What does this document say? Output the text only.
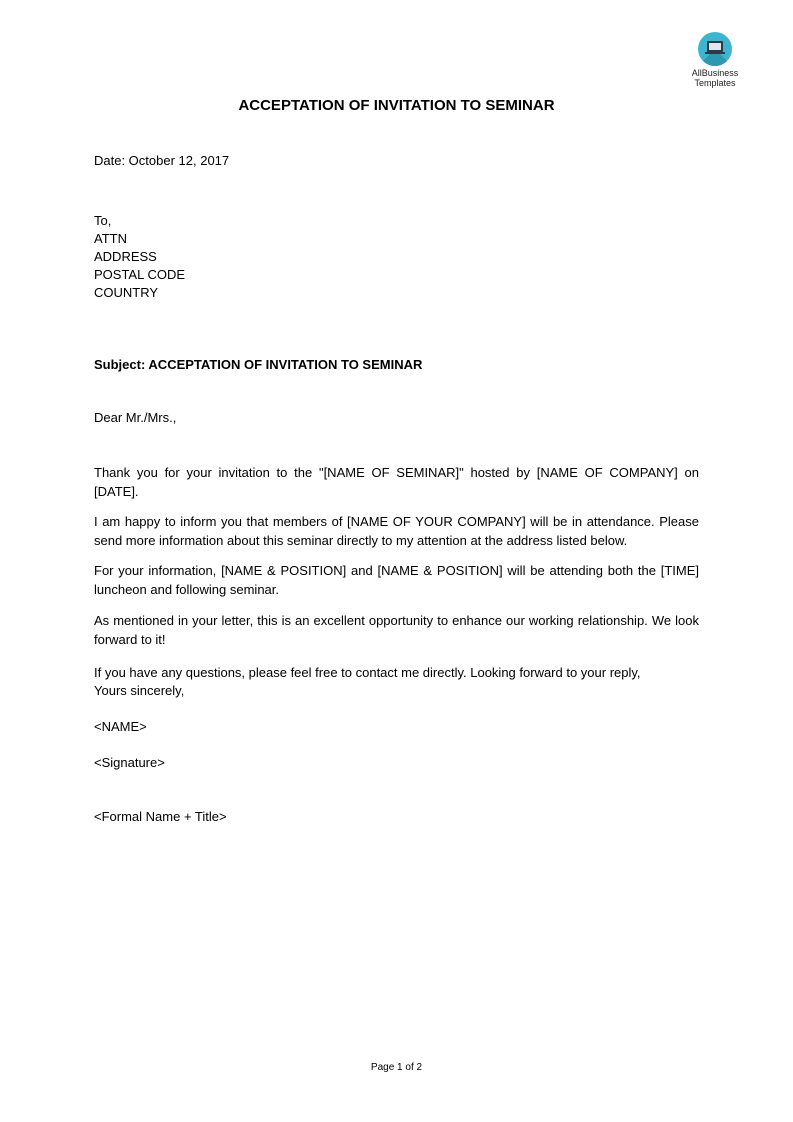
AllBusiness
Templates
ACCEPTATION OF INVITATION TO SEMINAR
Date: October 12, 2017
To,
ATTN
ADDRESS
POSTAL CODE
COUNTRY
Subject: ACCEPTATION OF INVITATION TO SEMINAR
Dear Mr./Mrs.,
Thank you for your invitation to the "[NAME OF SEMINAR]" hosted by [NAME OF COMPANY] on [DATE].
I am happy to inform you that members of [NAME OF YOUR COMPANY] will be in attendance. Please send more information about this seminar directly to my attention at the address listed below.
For your information, [NAME & POSITION] and [NAME & POSITION] will be attending both the [TIME] luncheon and following seminar.
As mentioned in your letter, this is an excellent opportunity to enhance our working relationship. We look forward to it!
If you have any questions, please feel free to contact me directly. Looking forward to your reply,
Yours sincerely,
<NAME>
<Signature>
<Formal Name + Title>
Page 1 of 2
